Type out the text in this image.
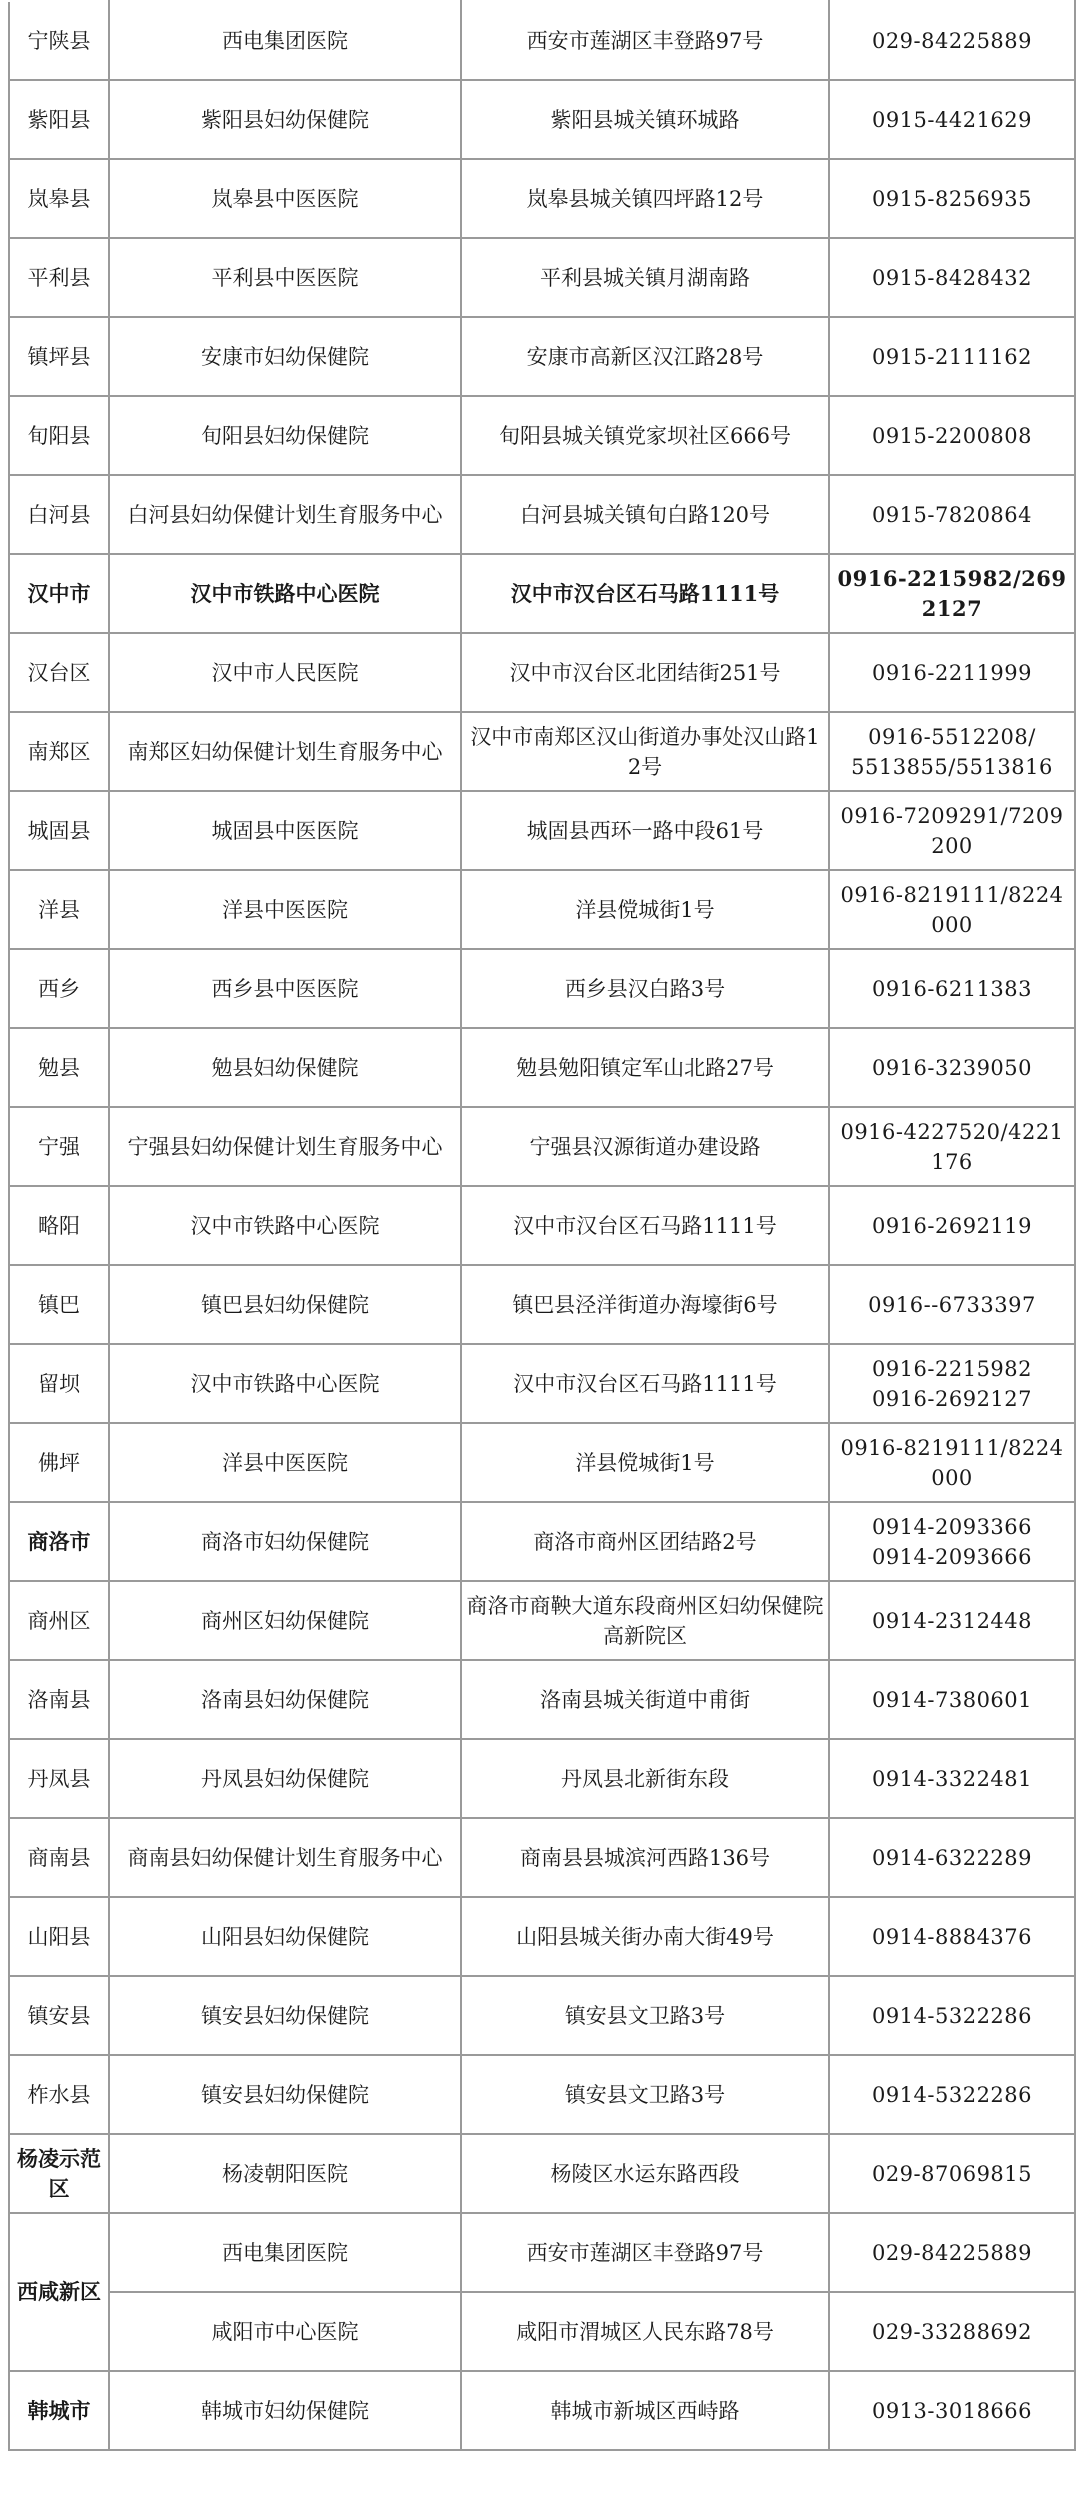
宁陕县	西电集团医院	西安市莲湖区丰登路97号	029-84225889
紫阳县	紫阳县妇幼保健院	紫阳县城关镇环城路	0915-4421629
岚皋县	岚皋县中医医院	岚皋县城关镇四坪路12号	0915-8256935
平利县	平利县中医医院	平利县城关镇月湖南路	0915-8428432
镇坪县	安康市妇幼保健院	安康市高新区汉江路28号	0915-2111162
旬阳县	旬阳县妇幼保健院	旬阳县城关镇党家坝社区666号	0915-2200808
白河县	白河县妇幼保健计划生育服务中心	白河县城关镇旬白路120号	0915-7820864
汉中市	汉中市铁路中心医院	汉中市汉台区石马路1111号	0916-2215982/2692127
汉台区	汉中市人民医院	汉中市汉台区北团结街251号	0916-2211999
南郑区	南郑区妇幼保健计划生育服务中心	汉中市南郑区汉山街道办事处汉山路12号	0916-5512208/
5513855/5513816
城固县	城固县中医医院	城固县西环一路中段61号	0916-7209291/7209200
洋县	洋县中医医院	洋县傥城街1号	0916-8219111/8224000
西乡	西乡县中医医院	西乡县汉白路3号	0916-6211383
勉县	勉县妇幼保健院	勉县勉阳镇定军山北路27号	0916-3239050
宁强	宁强县妇幼保健计划生育服务中心	宁强县汉源街道办建设路	0916-4227520/4221176
略阳	汉中市铁路中心医院	汉中市汉台区石马路1111号	0916-2692119
镇巴	镇巴县妇幼保健院	镇巴县泾洋街道办海壕街6号	0916--6733397
留坝	汉中市铁路中心医院	汉中市汉台区石马路1111号	0916-2215982
0916-2692127
佛坪	洋县中医医院	洋县傥城街1号	0916-8219111/8224000
商洛市	商洛市妇幼保健院	商洛市商州区团结路2号	0914-2093366
0914-2093666
商州区	商州区妇幼保健院	商洛市商鞅大道东段商州区妇幼保健院高新院区	0914-2312448
洛南县	洛南县妇幼保健院	洛南县城关街道中甫街	0914-7380601
丹凤县	丹凤县妇幼保健院	丹凤县北新街东段	0914-3322481
商南县	商南县妇幼保健计划生育服务中心	商南县县城滨河西路136号	0914-6322289
山阳县	山阳县妇幼保健院	山阳县城关街办南大街49号	0914-8884376
镇安县	镇安县妇幼保健院	镇安县文卫路3号	0914-5322286
柞水县	镇安县妇幼保健院	镇安县文卫路3号	0914-5322286
杨凌示范区	杨凌朝阳医院	杨陵区水运东路西段	029-87069815
西咸新区	西电集团医院	西安市莲湖区丰登路97号	029-84225889
	咸阳市中心医院	咸阳市渭城区人民东路78号	029-33288692
韩城市	韩城市妇幼保健院	韩城市新城区西峙路	0913-3018666
